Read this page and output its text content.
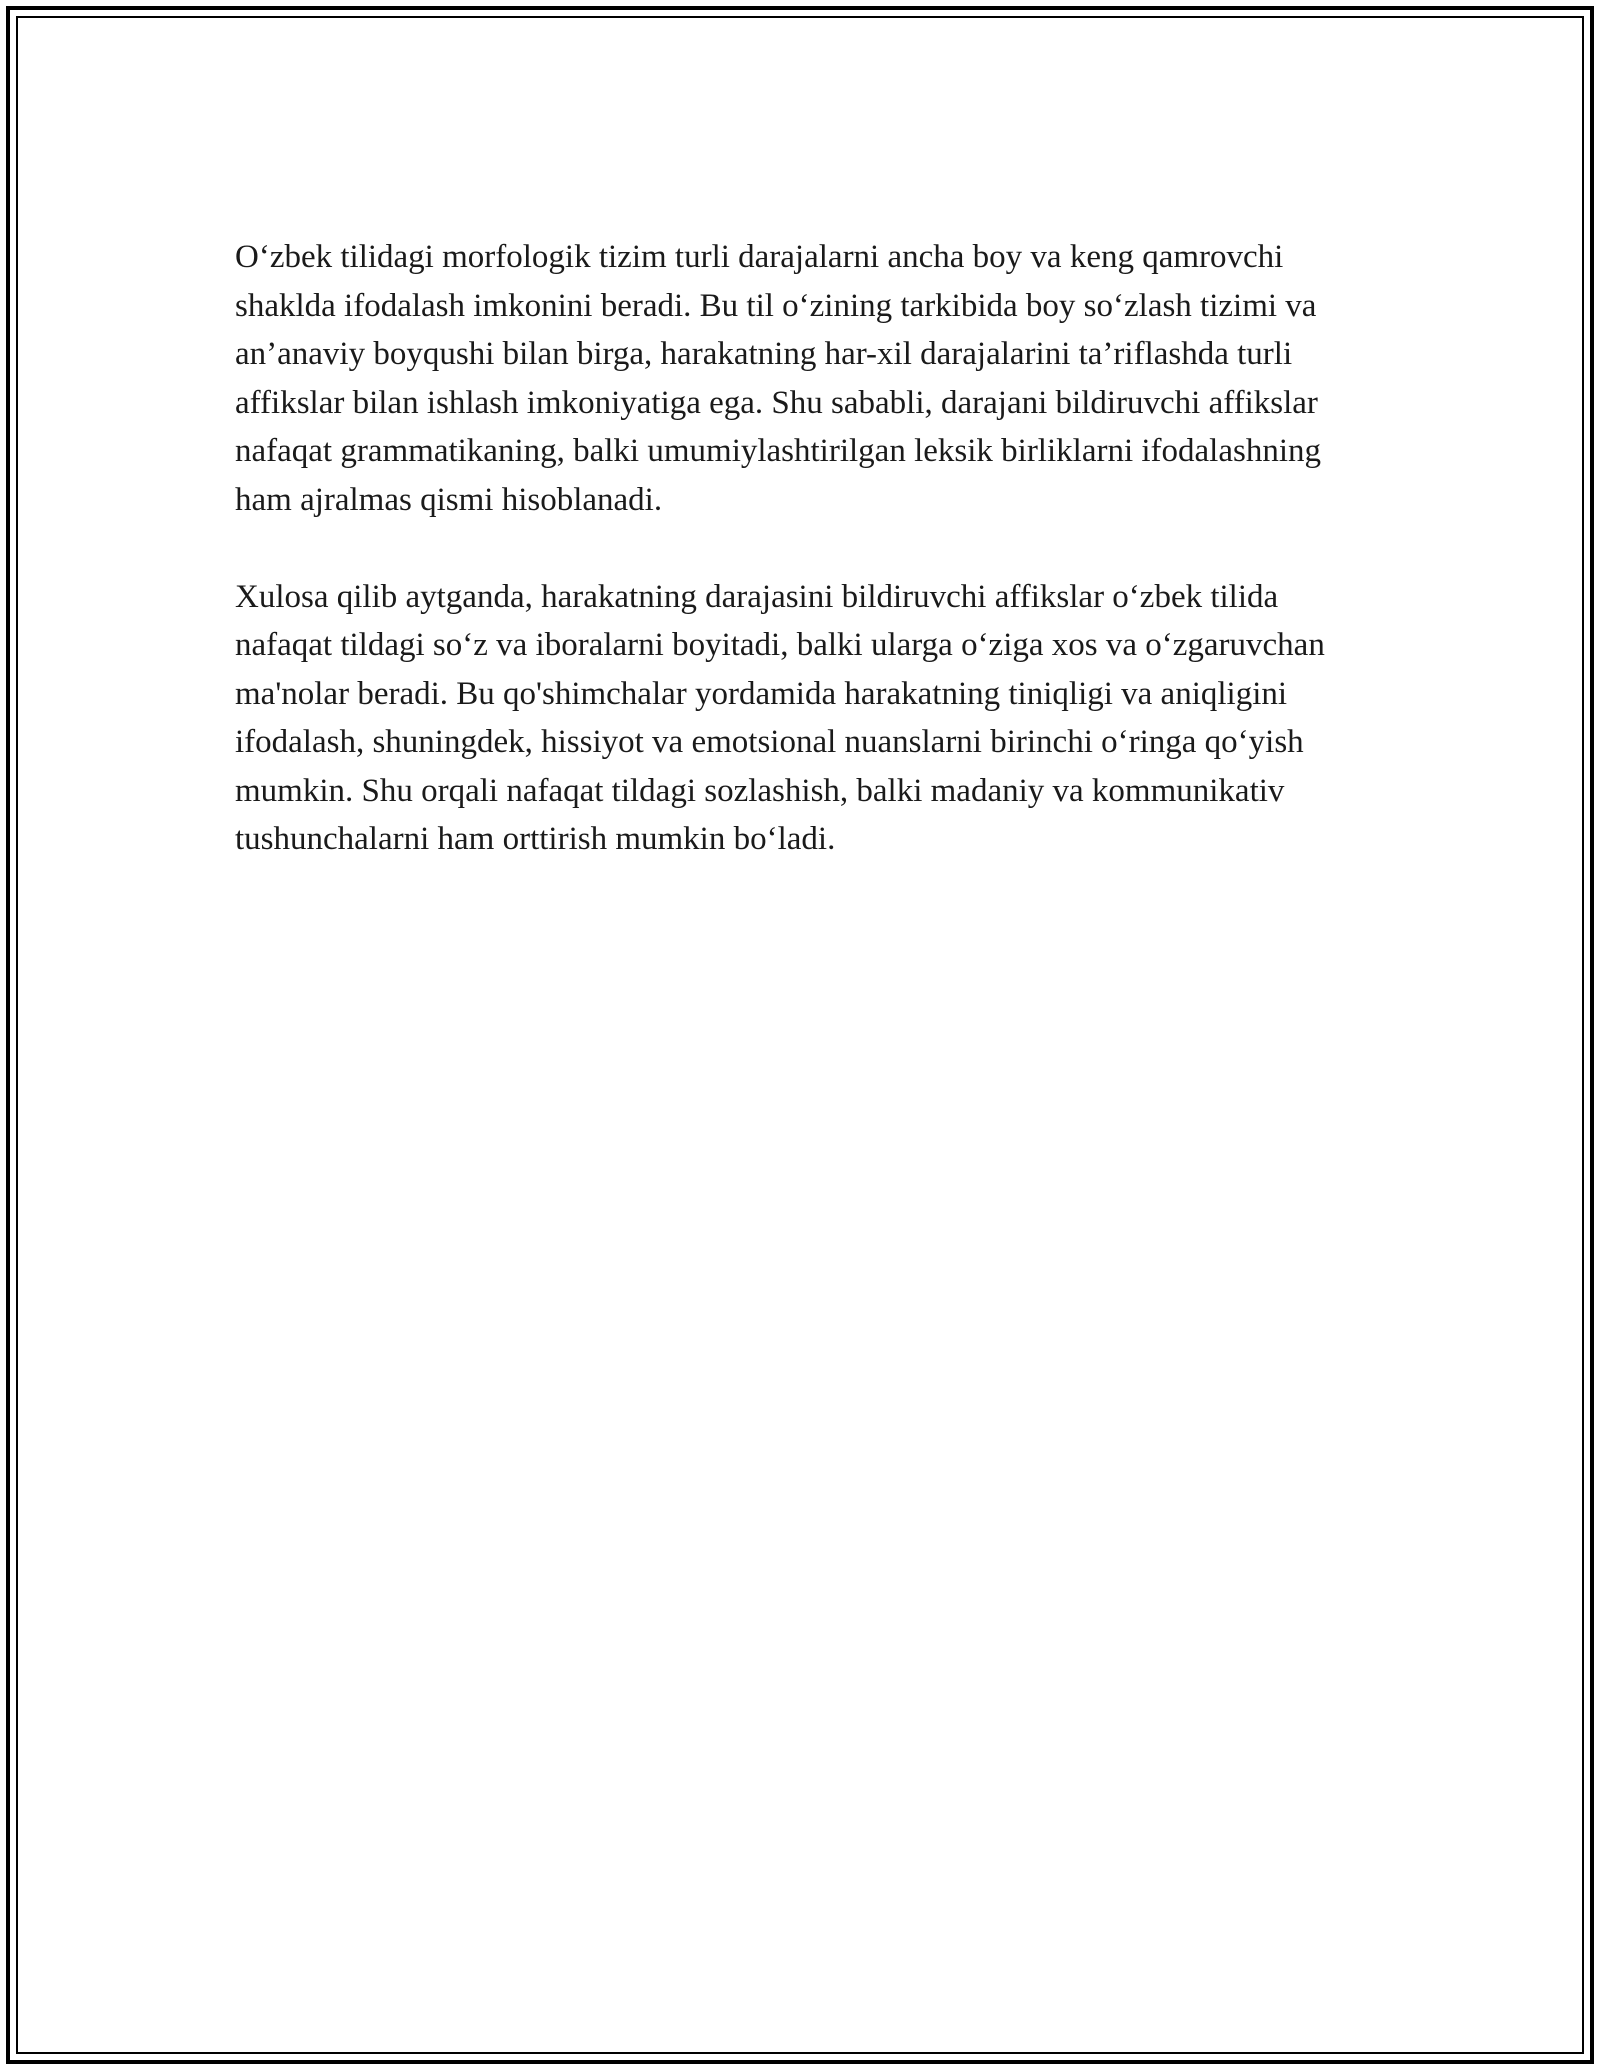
O‘zbek tilidagi morfologik tizim turli darajalarni ancha boy va keng qamrovchi shaklda ifodalash imkonini beradi. Bu til o‘zining tarkibida boy so‘zlash tizimi va an’anaviy boyqushi bilan birga, harakatning har-xil darajalarini ta’riflashda turli affikslar bilan ishlash imkoniyatiga ega. Shu sababli, darajani bildiruvchi affikslar nafaqat grammatikaning, balki umumiylashtirilgan leksik birliklarni ifodalashning ham ajralmas qismi hisoblanadi.

Xulosa qilib aytganda, harakatning darajasini bildiruvchi affikslar o‘zbek tilida nafaqat tildagi so‘z va iboralarni boyitadi, balki ularga o‘ziga xos va o‘zgaruvchan ma'nolar beradi. Bu qo'shimchalar yordamida harakatning tiniqligi va aniqligini ifodalash, shuningdek, hissiyot va emotsional nuanslarni birinchi o‘ringa qo‘yish mumkin. Shu orqali nafaqat tildagi sozlashish, balki madaniy va kommunikativ tushunchalarni ham orttirish mumkin bo‘ladi.
